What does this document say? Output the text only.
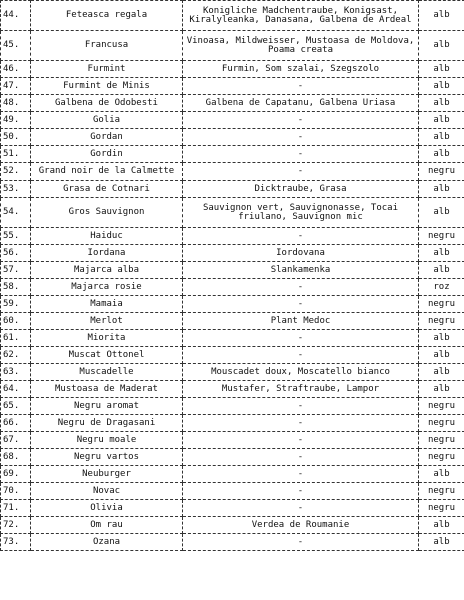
44.	Feteasca regala	Konigliche Madchentraube, Konigsast, Kiralyleanka, Danasana, Galbena de Ardeal	alb
45.	Francusa	Vinoasa, Mildweisser, Mustoasa de Moldova, Poama creata	alb
46.	Furmint	Furmin, Som szalai, Szegszolo	alb
47.	Furmint de Minis	-	alb
48.	Galbena de Odobesti	Galbena de Capatanu, Galbena Uriasa	alb
49.	Golia	-	alb
50.	Gordan	-	alb
51.	Gordin	-	alb
52.	Grand noir de la Calmette	-	negru
53.	Grasa de Cotnari	Dicktraube, Grasa	alb
54.	Gros Sauvignon	Sauvignon vert, Sauvignonasse, Tocai friulano, Sauvignon mic	alb
55.	Haiduc	-	negru
56.	Iordana	Iordovana	alb
57.	Majarca alba	Slankamenka	alb
58.	Majarca rosie	-	roz
59.	Mamaia	-	negru
60.	Merlot	Plant Medoc	negru
61.	Miorita	-	alb
62.	Muscat Ottonel	-	alb
63.	Muscadelle	Mouscadet doux, Moscatello bianco	alb
64.	Mustoasa de Maderat	Mustafer, Straftraube, Lampor	alb
65.	Negru aromat	-	negru
66.	Negru de Dragasani	-	negru
67.	Negru moale	-	negru
68.	Negru vartos	-	negru
69.	Neuburger	-	alb
70.	Novac	-	negru
71.	Olivia	-	negru
72.	Om rau	Verdea de Roumanie	alb
73.	Ozana	-	alb
